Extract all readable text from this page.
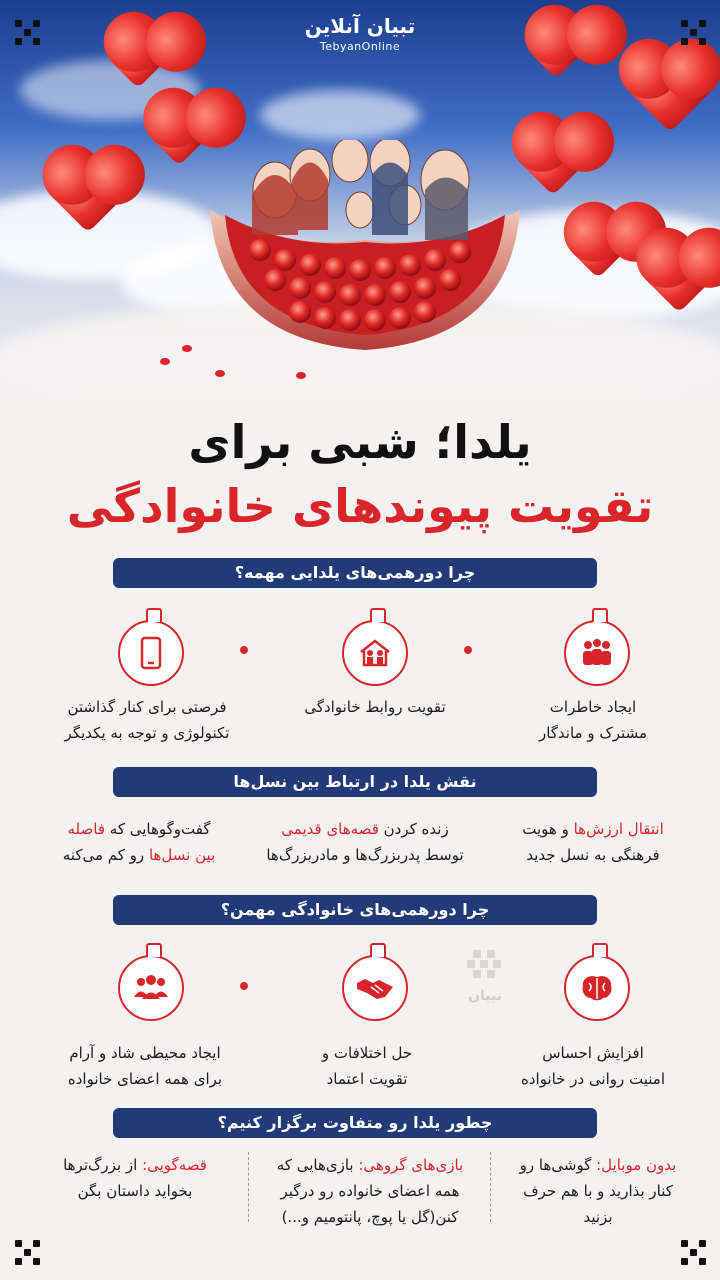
تبیان آنلاین
TebyanOnline
یلدا؛ شبی برای
تقویت پیوندهای خانوادگی
چرا دورهمی‌های یلدایی مهمه؟
ایجاد خاطرات
مشترک و ماندگار
تقویت روابط خانوادگی
فرصتی برای کنار گذاشتن
تکنولوژی و توجه به یکدیگر
نقش یلدا در ارتباط بین نسل‌ها
انتقال ارزش‌ها و هویت
فرهنگی به نسل جدید
زنده کردن قصه‌های قدیمی
توسط پدربزرگ‌ها و مادربزرگ‌ها
گفت‌وگوهایی که فاصله
بین نسل‌ها رو کم می‌کنه
چرا دورهمی‌های خانوادگی مهمن؟
تبیان
افزایش احساس
امنیت روانی در خانواده
حل اختلافات و
تقویت اعتماد
ایجاد محیطی شاد و آرام
برای همه اعضای خانواده
چطور یلدا رو متفاوت برگزار کنیم؟
بدون موبایل: گوشی‌ها رو
کنار بذارید و با هم حرف
بزنید
بازی‌های گروهی: بازی‌هایی که
همه اعضای خانواده رو درگیر
کنن(گل یا پوچ، پانتومیم و...)
قصه‌گویی: از بزرگ‌ترها
بخواید داستان بگن
